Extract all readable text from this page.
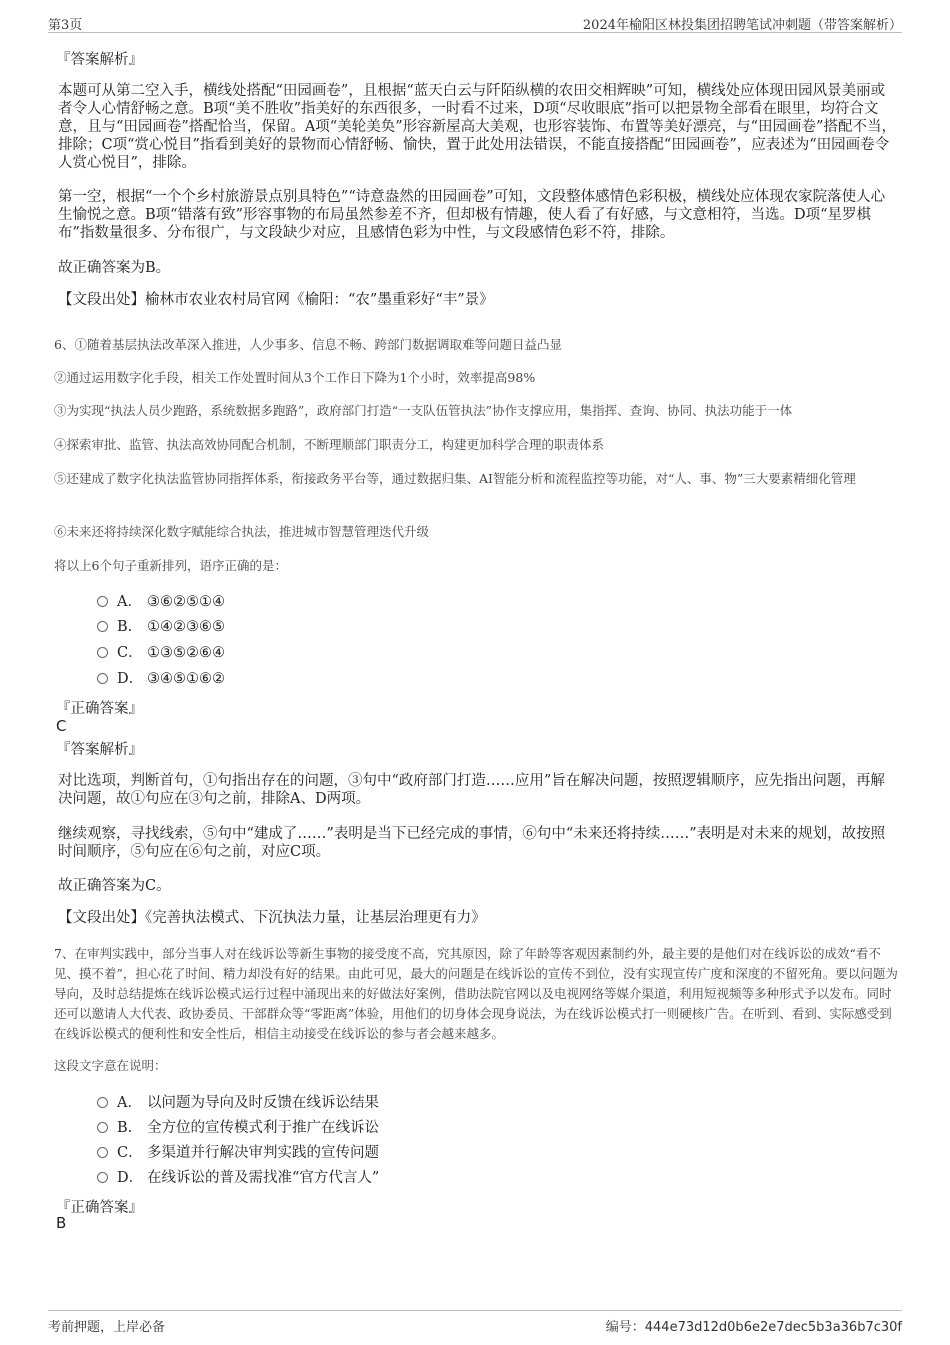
第3页	2024年榆阳区林投集团招聘笔试冲刺题（带答案解析）
『答案解析』
本题可从第二空入手，横线处搭配“田园画卷”，且根据“蓝天白云与阡陌纵横的农田交相辉映”可知，横线处应体现田园风景美丽或者令人心情舒畅之意。B项“美不胜收”指美好的东西很多，一时看不过来，D项“尽收眼底”指可以把景物全部看在眼里，均符合文意，且与“田园画卷”搭配恰当，保留。A项“美轮美奂”形容新屋高大美观，也形容装饰、布置等美好漂亮，与“田园画卷”搭配不当，排除；C项“赏心悦目”指看到美好的景物而心情舒畅、愉快，置于此处用法错误，不能直接搭配“田园画卷”，应表述为“田园画卷令人赏心悦目”，排除。
第一空，根据“一个个乡村旅游景点别具特色”“诗意盎然的田园画卷”可知，文段整体感情色彩积极，横线处应体现农家院落使人心生愉悦之意。B项“错落有致”形容事物的布局虽然参差不齐，但却极有情趣，使人看了有好感，与文意相符，当选。D项“星罗棋布”指数量很多、分布很广，与文段缺少对应，且感情色彩为中性，与文段感情色彩不符，排除。
故正确答案为B。
【文段出处】榆林市农业农村局官网《榆阳：“农”墨重彩好“丰”景》
6、①随着基层执法改革深入推进，人少事多、信息不畅、跨部门数据调取难等问题日益凸显
②通过运用数字化手段，相关工作处置时间从3个工作日下降为1个小时，效率提高98%
③为实现“执法人员少跑路，系统数据多跑路”，政府部门打造“一支队伍管执法”协作支撑应用，集指挥、查询、协同、执法功能于一体
④探索审批、监管、执法高效协同配合机制，不断理顺部门职责分工，构建更加科学合理的职责体系
⑤还建成了数字化执法监管协同指挥体系，衔接政务平台等，通过数据归集、AI智能分析和流程监控等功能，对“人、事、物”三大要素精细化管理
⑥未来还将持续深化数字赋能综合执法，推进城市智慧管理迭代升级
将以上6个句子重新排列，语序正确的是：
A． ③⑥②⑤①④
B. ①④②③⑥⑤
C． ①③⑤②⑥④
D． ③④⑤①⑥②
『正确答案』
C
『答案解析』
对比选项，判断首句，①句指出存在的问题，③句中“政府部门打造……应用”旨在解决问题，按照逻辑顺序，应先指出问题，再解决问题，故①句应在③句之前，排除A、D两项。
继续观察，寻找线索，⑤句中“建成了……”表明是当下已经完成的事情，⑥句中“未来还将持续……”表明是对未来的规划，故按照时间顺序，⑤句应在⑥句之前，对应C项。
故正确答案为C。
【文段出处】《完善执法模式、下沉执法力量，让基层治理更有力》
7、在审判实践中，部分当事人对在线诉讼等新生事物的接受度不高，究其原因，除了年龄等客观因素制约外，最主要的是他们对在线诉讼的成效“看不见、摸不着”，担心花了时间、精力却没有好的结果。由此可见，最大的问题是在线诉讼的宣传不到位，没有实现宣传广度和深度的不留死角。要以问题为导向，及时总结提炼在线诉讼模式运行过程中涌现出来的好做法好案例，借助法院官网以及电视网络等媒介渠道，利用短视频等多种形式予以发布。同时还可以邀请人大代表、政协委员、干部群众等“零距离”体验，用他们的切身体会现身说法，为在线诉讼模式打一则硬核广告。在听到、看到、实际感受到在线诉讼模式的便利性和安全性后，相信主动接受在线诉讼的参与者会越来越多。
这段文字意在说明：
A． 以问题为导向及时反馈在线诉讼结果
B. 全方位的宣传模式利于推广在线诉讼
C． 多渠道并行解决审判实践的宣传问题
D． 在线诉讼的普及需找准“官方代言人”
『正确答案』
B
考前押题，上岸必备	编号：444e73d12d0b6e2e7dec5b3a36b7c30f
